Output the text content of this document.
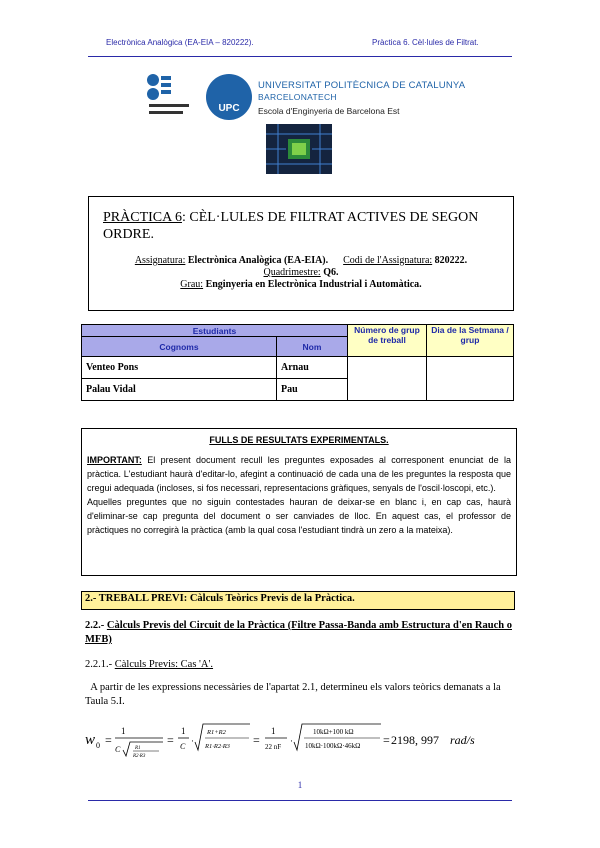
Electrònica Analògica (EA-EIA – 820222).	Pràctica 6. Cèl·lules de Filtrat.
UPC
UNIVERSITAT POLITÈCNICA DE CATALUNYA
BARCELONATECH
Escola d'Enginyeria de Barcelona Est
PRÀCTICA 6: CÈL·LULES DE FILTRAT ACTIVES DE SEGON ORDRE.
Assignatura: Electrònica Analògica (EA-EIA). Codi de l'Assignatura: 820222.
Quadrimestre: Q6.
Grau: Enginyeria en Electrònica Industrial i Automàtica.
Estudiants		Número de grup de treball	Dia de la Setmana / grup
Cognoms	Nom		
Venteo Pons	Arnau		
Palau Vidal	Pau		
FULLS DE RESULTATS EXPERIMENTALS.
IMPORTANT: El present document recull les preguntes exposades al corresponent enunciat de la pràctica. L'estudiant haurà d'editar-lo, afegint a continuació de cada una de les preguntes la resposta que cregui adequada (incloses, si fos necessari, representacions gràfiques, senyals de l'oscil·loscopi, etc.).
Aquelles preguntes que no siguin contestades hauran de deixar-se en blanc i, en cap cas, haurà d'eliminar-se cap pregunta del document o ser canviades de lloc. En aquest cas, el professor de pràctiques no corregirà la pràctica (amb la qual cosa l'estudiant tindrà un zero a la mateixa).
2.- TREBALL PREVI: Càlculs Teòrics Previs de la Pràctica.
2.2.- Càlculs Previs del Circuit de la Pràctica (Filtre Passa-Banda amb Estructura d'en Rauch o MFB)
2.2.1.- Càlculs Previs: Cas 'A'.
A partir de les expressions necessàries de l'apartat 2.1, determineu els valors teòrics demanats a la Taula 5.I.
w 0 =
1
C	R1
R2·R3
=
1
C
·
R1+R2
R1·R2·R3 =
1
22 nF
·
10kΩ+100 kΩ
10kΩ·100kΩ·46kΩ = 2198, 997 rad/s
1
